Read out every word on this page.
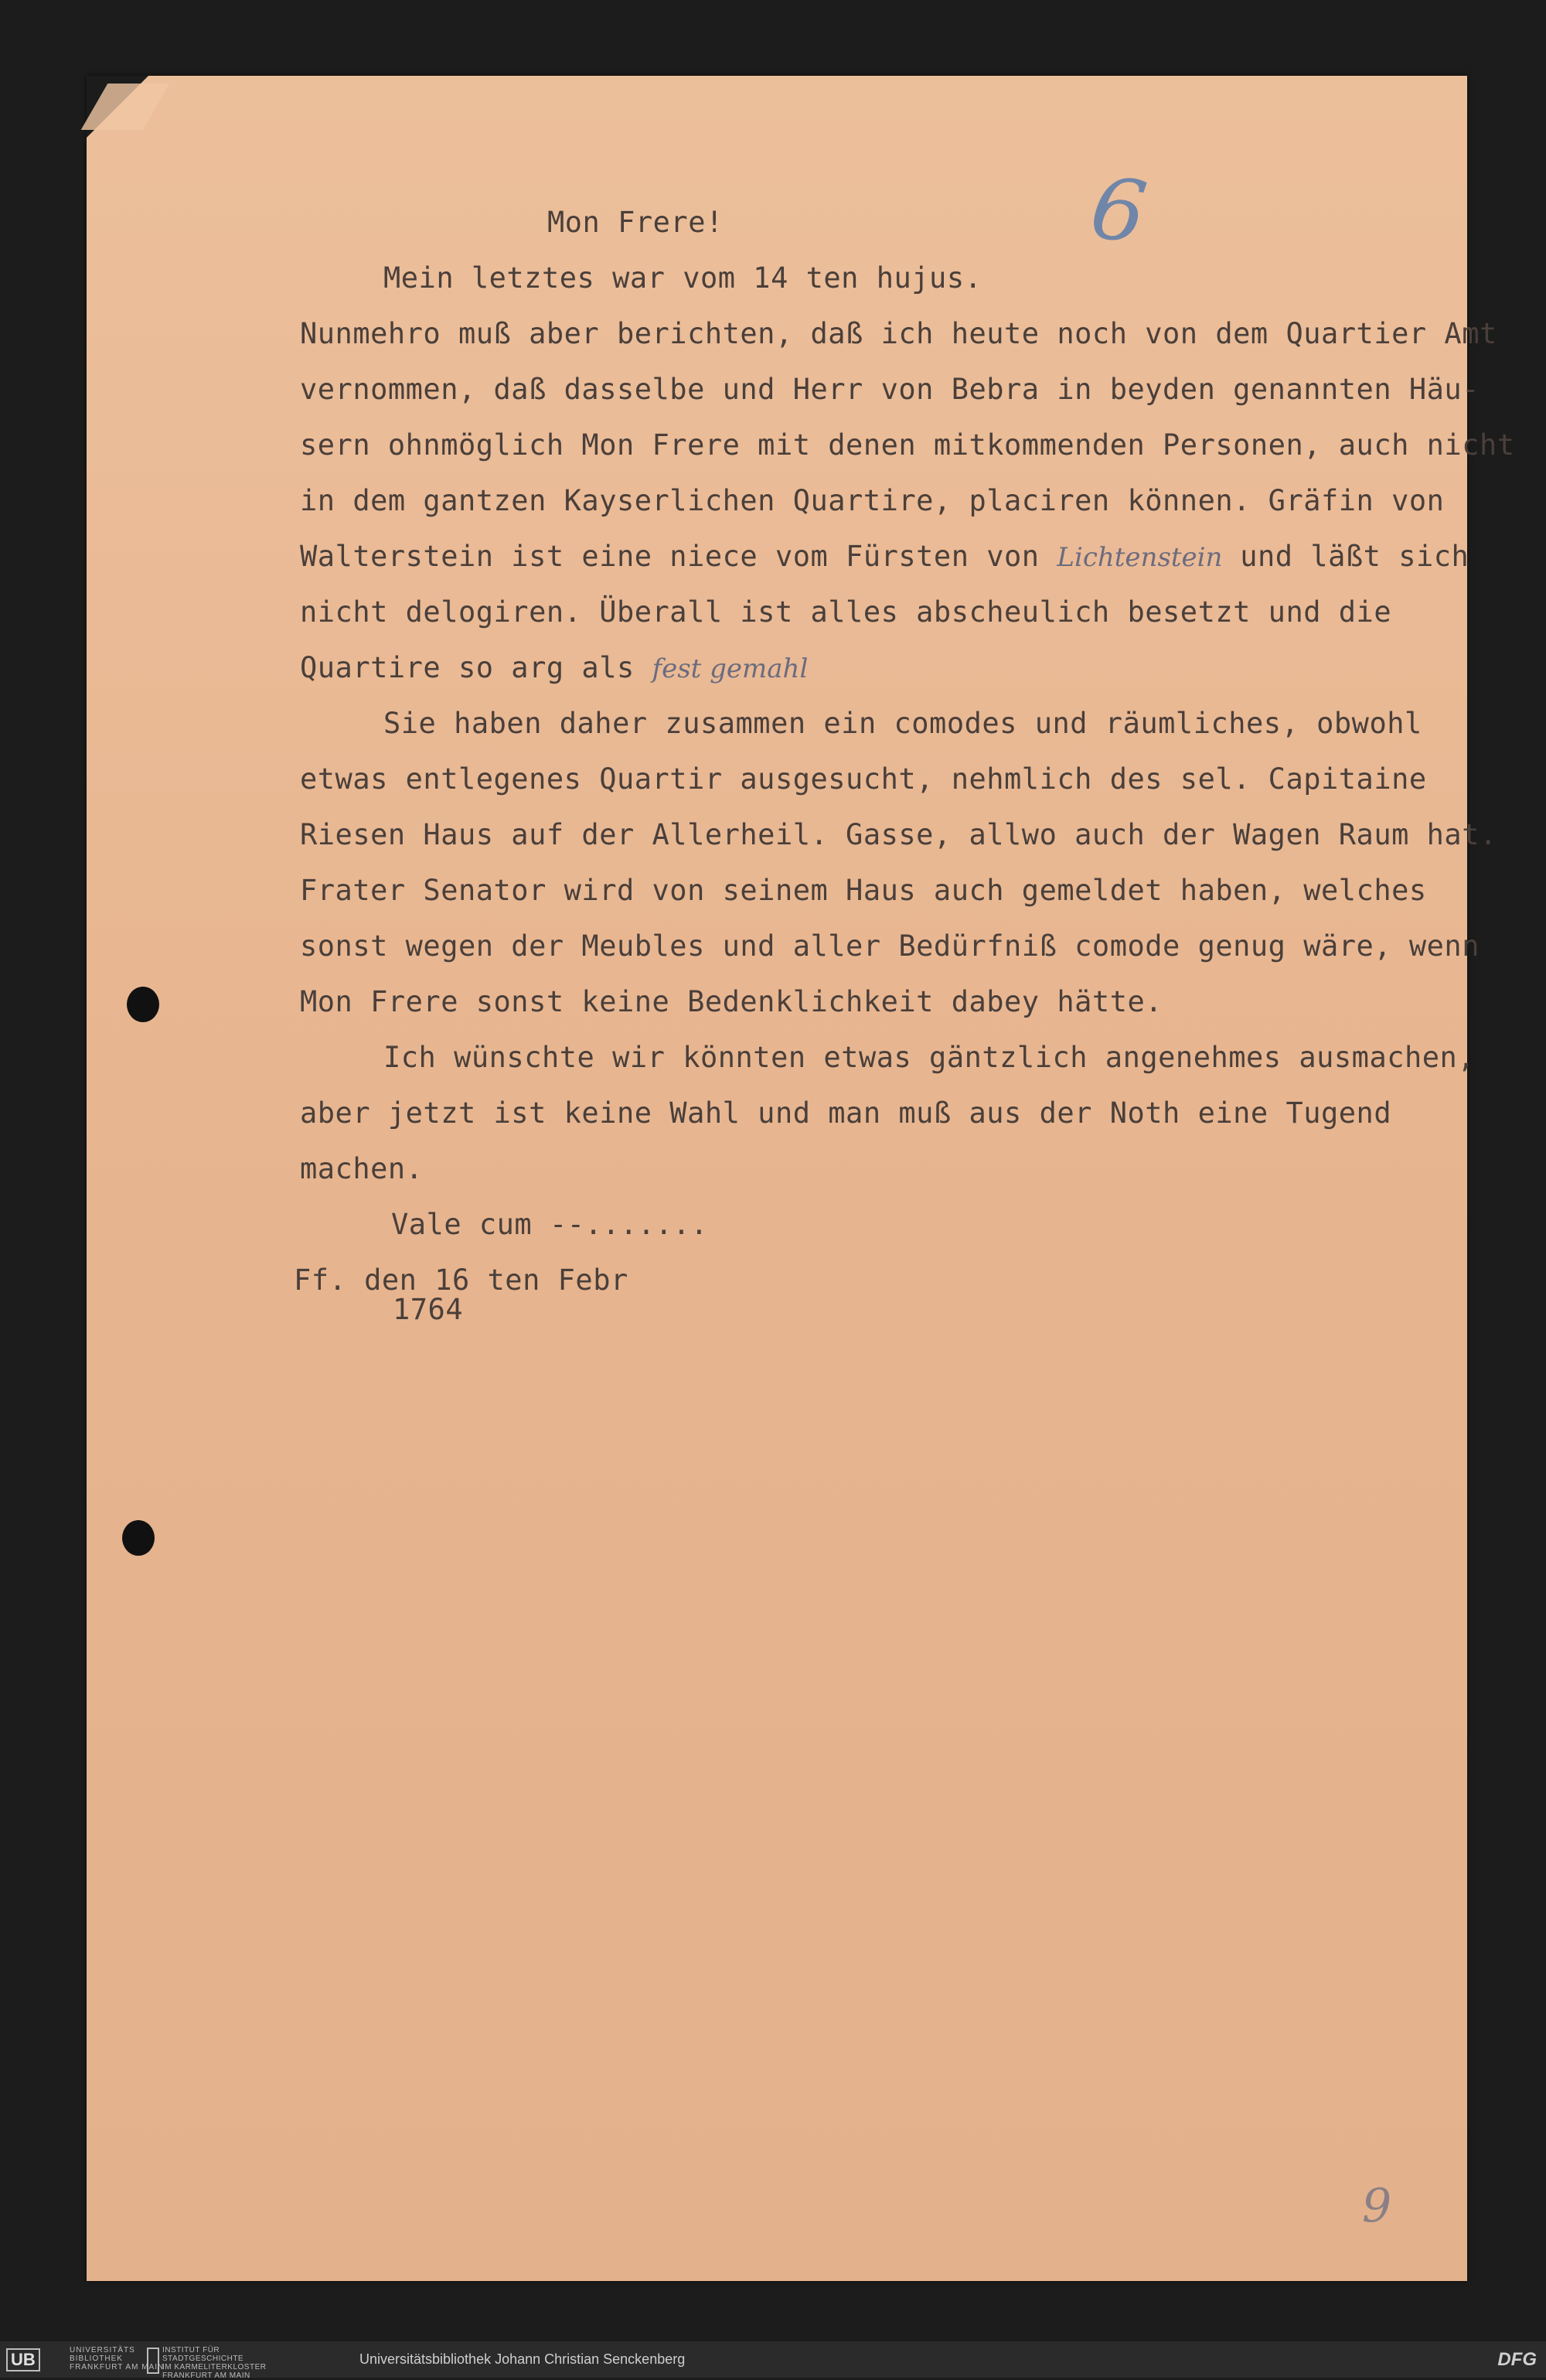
6
Mon Frere!
Mein letztes war vom 14 ten hujus.
Nunmehro muß aber berichten, daß ich heute noch von dem Quartier Amt
vernommen, daß dasselbe und Herr von Bebra in beyden genannten Häu-
sern ohnmöglich Mon Frere mit denen mitkommenden Personen, auch nicht
in dem gantzen Kayserlichen Quartire, placiren können. Gräfin von
Walterstein ist eine niece vom Fürsten von Lichtenstein und läßt sich
nicht delogiren. Überall ist alles abscheulich besetzt und die
Quartire so arg als fest gemahl
Sie haben daher zusammen ein comodes und räumliches, obwohl
etwas entlegenes Quartir ausgesucht, nehmlich des sel. Capitaine
Riesen Haus auf der Allerheil. Gasse, allwo auch der Wagen Raum hat.
Frater Senator wird von seinem Haus auch gemeldet haben, welches
sonst wegen der Meubles und aller Bedürfniß comode genug wäre, wenn
Mon Frere sonst keine Bedenklichkeit dabey hätte.
Ich wünschte wir könnten etwas gäntzlich angenehmes ausmachen,
aber jetzt ist keine Wahl und man muß aus der Noth eine Tugend
machen.
Vale cum --.......
Ff. den 16 ten Febr
1764
9
UB	UNIVERSITÄTS
BIBLIOTHEK
FRANKFURT AM MAIN
INSTITUT FÜR
STADTGESCHICHTE
IM KARMELITERKLOSTER
FRANKFURT AM MAIN
Universitätsbibliothek Johann Christian Senckenberg	DFG
